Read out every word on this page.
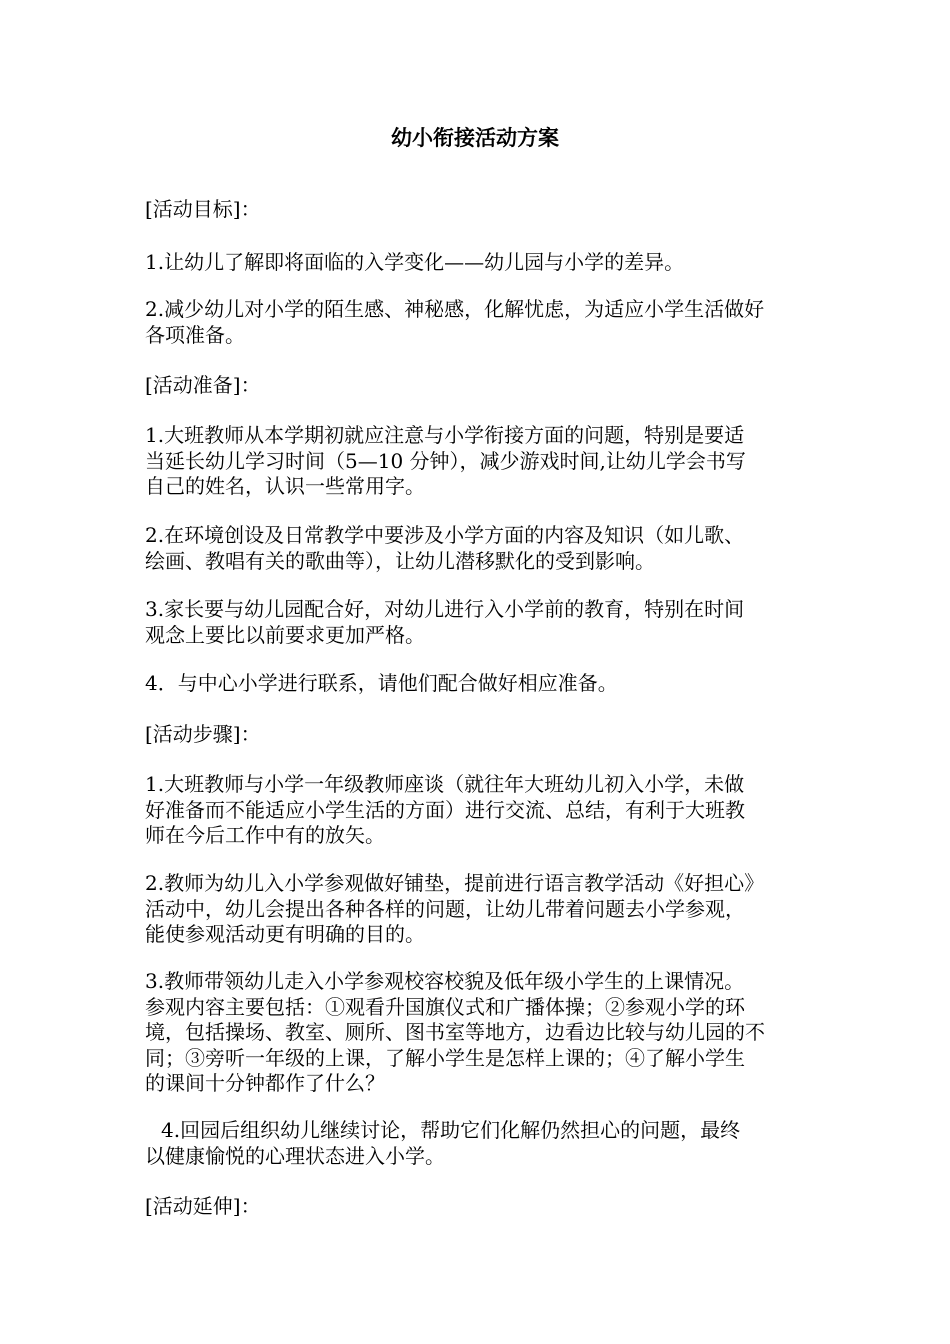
幼小衔接活动方案
[活动目标]：
1.让幼儿了解即将面临的入学变化——幼儿园与小学的差异。
2.减少幼儿对小学的陌生感、神秘感，化解忧虑，为适应小学生活做好
各项准备。
[活动准备]：
1.大班教师从本学期初就应注意与小学衔接方面的问题，特别是要适
当延长幼儿学习时间（5—10 分钟），减少游戏时间,让幼儿学会书写
自己的姓名，认识一些常用字。
2.在环境创设及日常教学中要涉及小学方面的内容及知识（如儿歌、
绘画、教唱有关的歌曲等），让幼儿潜移默化的受到影响。
3.家长要与幼儿园配合好，对幼儿进行入小学前的教育，特别在时间
观念上要比以前要求更加严格。
4．与中心小学进行联系，请他们配合做好相应准备。
[活动步骤]：
1.大班教师与小学一年级教师座谈（就往年大班幼儿初入小学，未做
好准备而不能适应小学生活的方面）进行交流、总结，有利于大班教
师在今后工作中有的放矢。
2.教师为幼儿入小学参观做好铺垫，提前进行语言教学活动《好担心》
活动中，幼儿会提出各种各样的问题，让幼儿带着问题去小学参观，
能使参观活动更有明确的目的。
3.教师带领幼儿走入小学参观校容校貌及低年级小学生的上课情况。
参观内容主要包括：①观看升国旗仪式和广播体操；②参观小学的环
境，包括操场、教室、厕所、图书室等地方，边看边比较与幼儿园的不
同；③旁听一年级的上课，了解小学生是怎样上课的；④了解小学生
的课间十分钟都作了什么？
4.回园后组织幼儿继续讨论，帮助它们化解仍然担心的问题，最终
以健康愉悦的心理状态进入小学。
[活动延伸]：
